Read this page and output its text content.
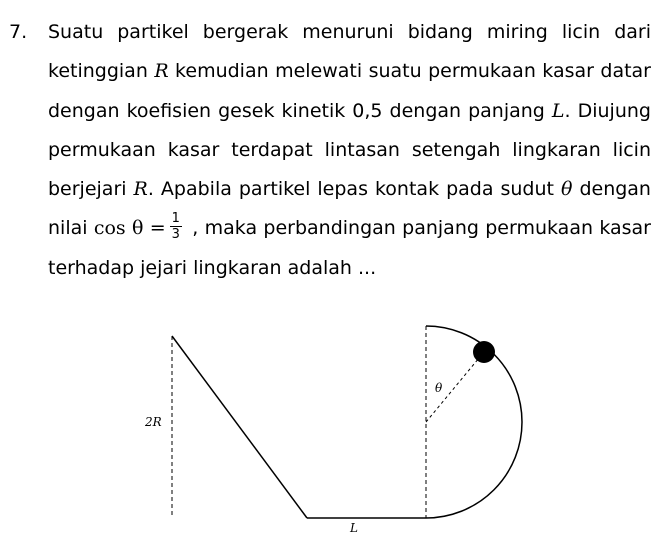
7. Suatu partikel bergerak menuruni bidang miring licin dari ketinggian R kemudian melewati suatu permukaan kasar datar dengan koefisien gesek kinetik 0,5 dengan panjang L. Diujung permukaan kasar terdapat lintasan setengah lingkaran licin berjejari R. Apabila partikel lepas kontak pada sudut θ dengan nilai $\cos \theta = \frac{1}{3}$ , maka perbandingan panjang permukaan kasar terhadap jejari lingkaran adalah ...
2R
L
θ
